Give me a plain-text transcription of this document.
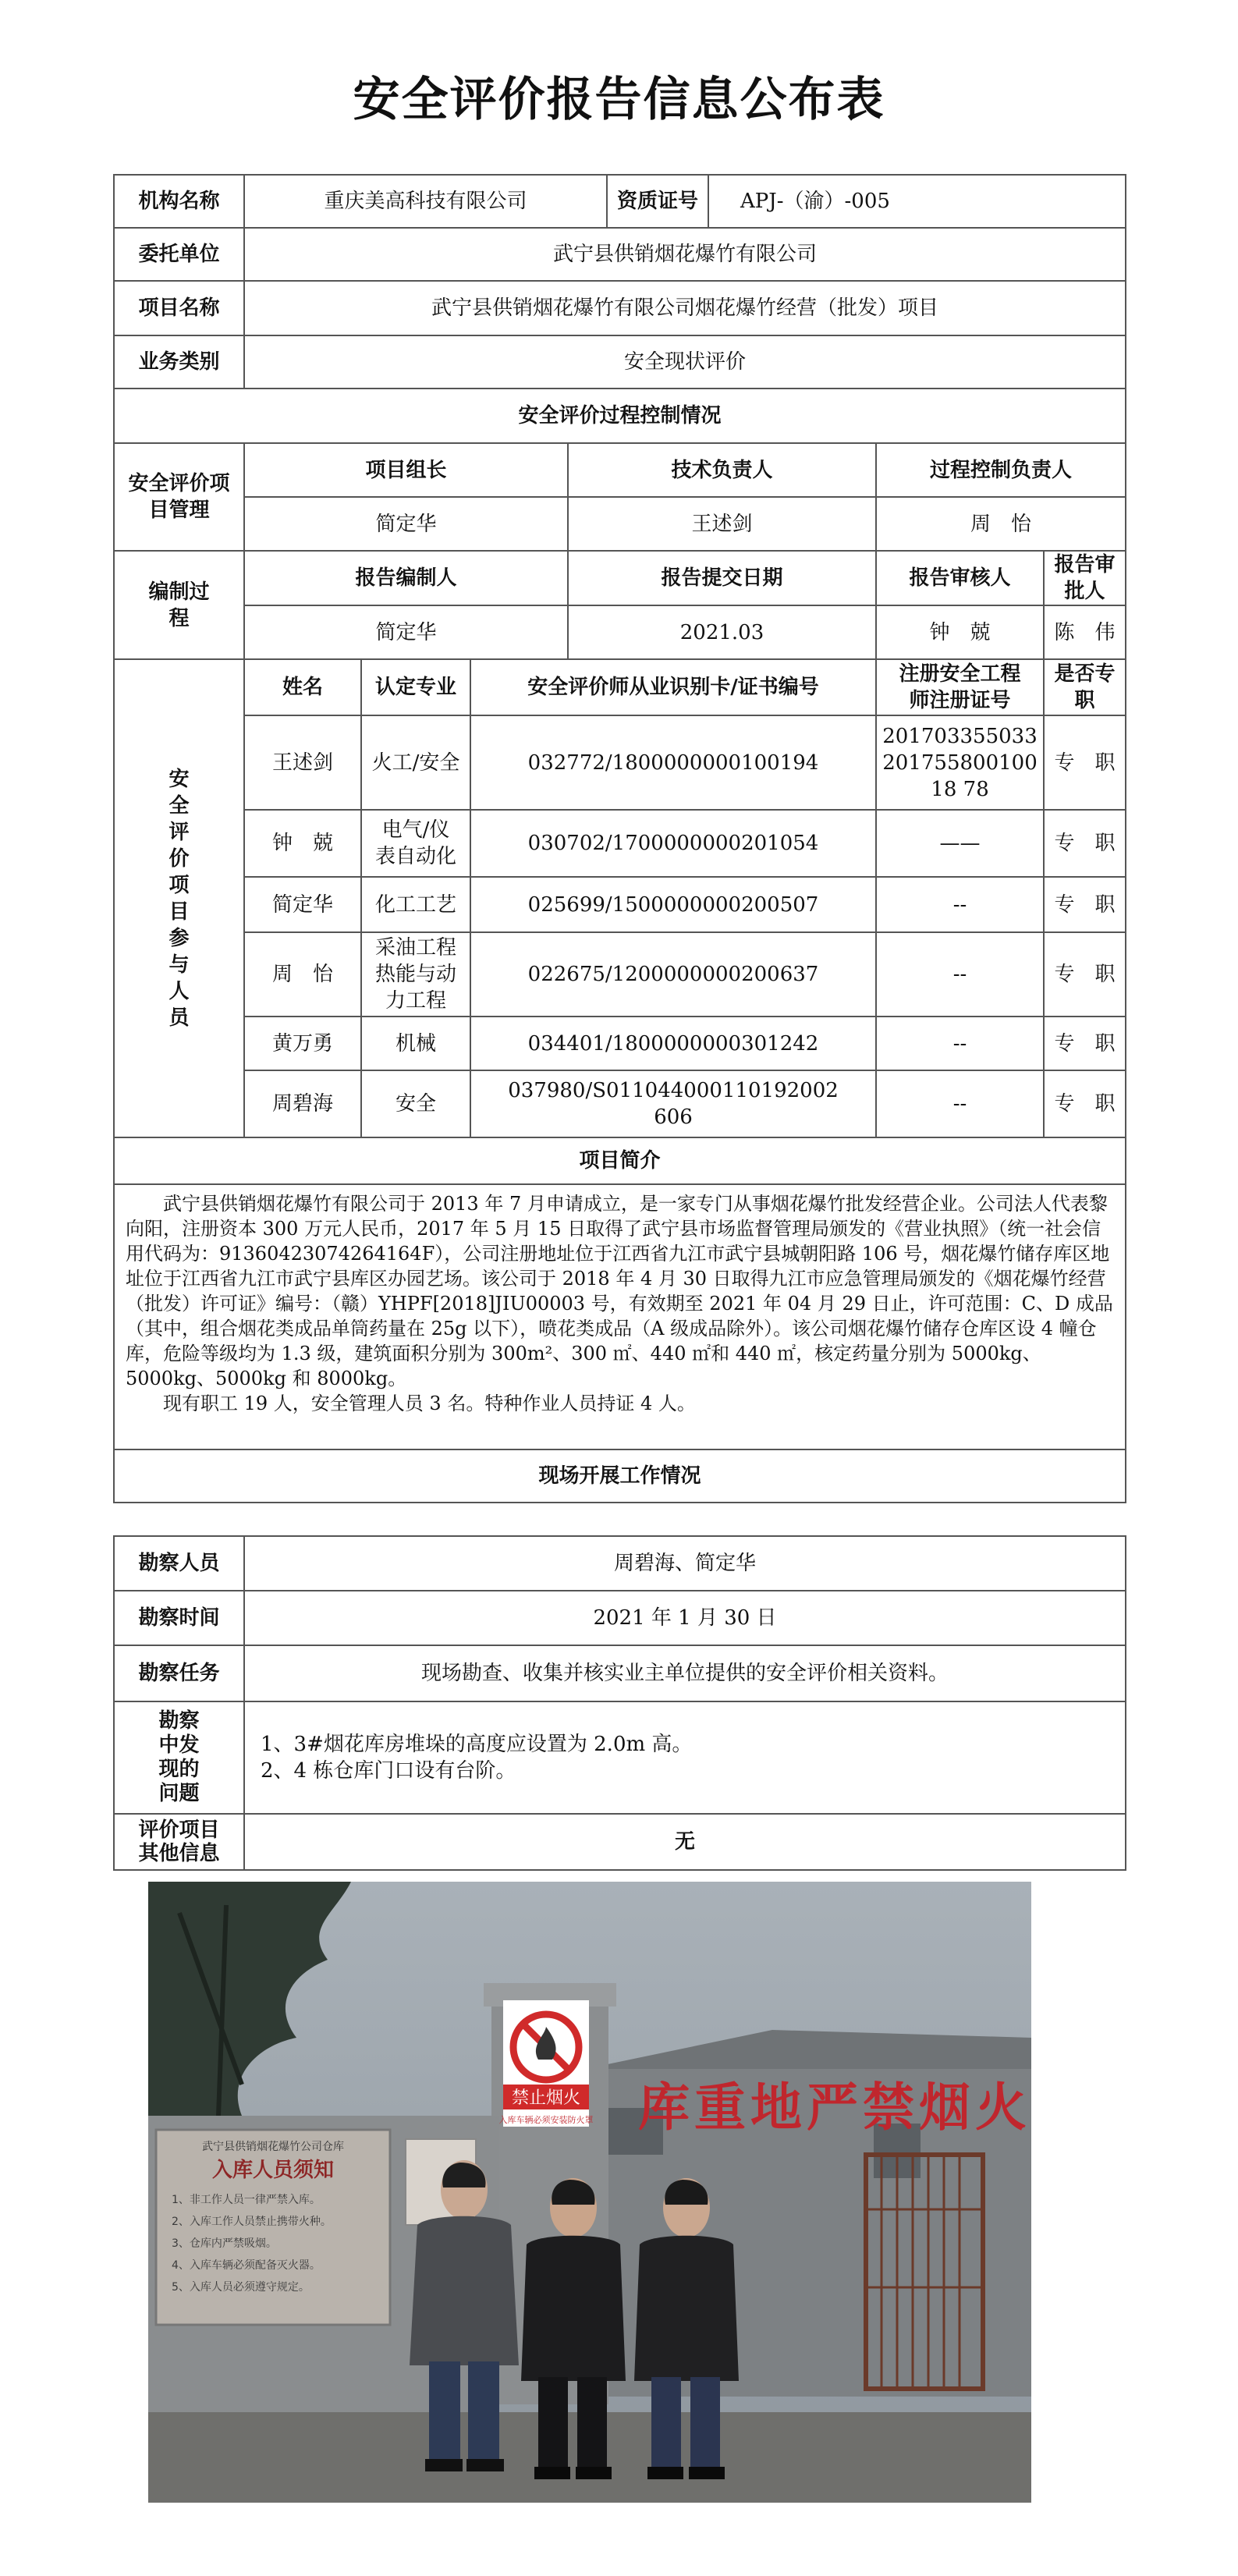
安全评价报告信息公布表
机构名称	重庆美高科技有限公司				资质证号	APJ-（渝）-005		
委托单位	武宁县供销烟花爆竹有限公司							
项目名称	武宁县供销烟花爆竹有限公司烟花爆竹经营（批发）项目							
业务类别	安全现状评价							
安全评价过程控制情况								
安全评价项目管理	项目组长			技术负责人			过程控制负责人	
	简定华			王述剑			周　怡	
编制过程	报告编制人			报告提交日期			报告审核人	报告审批人
	简定华			2021.03			钟　兢	陈　伟
安全评价项目参与人员	姓名	认定专业	安全评价师从业识别卡/证书编号				注册安全工程师注册证号	是否专职
	王述剑	火工/安全	032772/1800000000100194				20170335503320175580010018 78	专　职
	钟　兢	电气/仪表自动化	030702/1700000000201054				——	专　职
	简定华	化工工艺	025699/1500000000200507				--	专　职
	周　怡	采油工程热能与动力工程	022675/1200000000200637				--	专　职
	黄万勇	机械	034401/1800000000301242				--	专　职
	周碧海	安全	037980/S011044000110192002606				--	专　职
项目简介								

武宁县供销烟花爆竹有限公司于 2013 年 7 月申请成立，是一家专门从事烟花爆竹批发经营企业。公司法人代表黎向阳，注册资本 300 万元人民币，2017 年 5 月 15 日取得了武宁县市场监督管理局颁发的《营业执照》（统一社会信用代码为：91360423074264164F），公司注册地址位于江西省九江市武宁县城朝阳路 106 号，烟花爆竹储存库区地址位于江西省九江市武宁县库区办园艺场。该公司于 2018 年 4 月 30 日取得九江市应急管理局颁发的《烟花爆竹经营（批发）许可证》编号：（赣）YHPF[2018]JIU00003 号，有效期至 2021 年 04 月 29 日止，许可范围：C、D 成品（其中，组合烟花类成品单筒药量在 25g 以下），喷花类成品（A 级成品除外）。该公司烟花爆竹储存仓库区设 4 幢仓库，危险等级均为 1.3 级，建筑面积分别为 300m²、300 ㎡、440 ㎡和 440 ㎡，核定药量分别为 5000kg、5000kg、5000kg 和 8000kg。

现有职工 19 人，安全管理人员 3 名。特种作业人员持证 4 人。								

现场开展工作情况								
勘察人员	周碧海、简定华
勘察时间	2021 年 1 月 30 日
勘察任务	现场勘查、收集并核实业主单位提供的安全评价相关资料。
勘察中发现的问题	1、3#烟花库房堆垛的高度应设置为 2.0m 高。
2、4 栋仓库门口设有台阶。

评价项目其他信息	无
禁止烟火
入库车辆必须安装防火罩 库重地严禁烟火
武宁县供销烟花爆竹公司仓库
入库人员须知
1、非工作人员一律严禁入库。
2、入库工作人员禁止携带火种。
3、仓库内严禁吸烟。
4、入库车辆必须配备灭火器。
5、入库人员必须遵守规定。
